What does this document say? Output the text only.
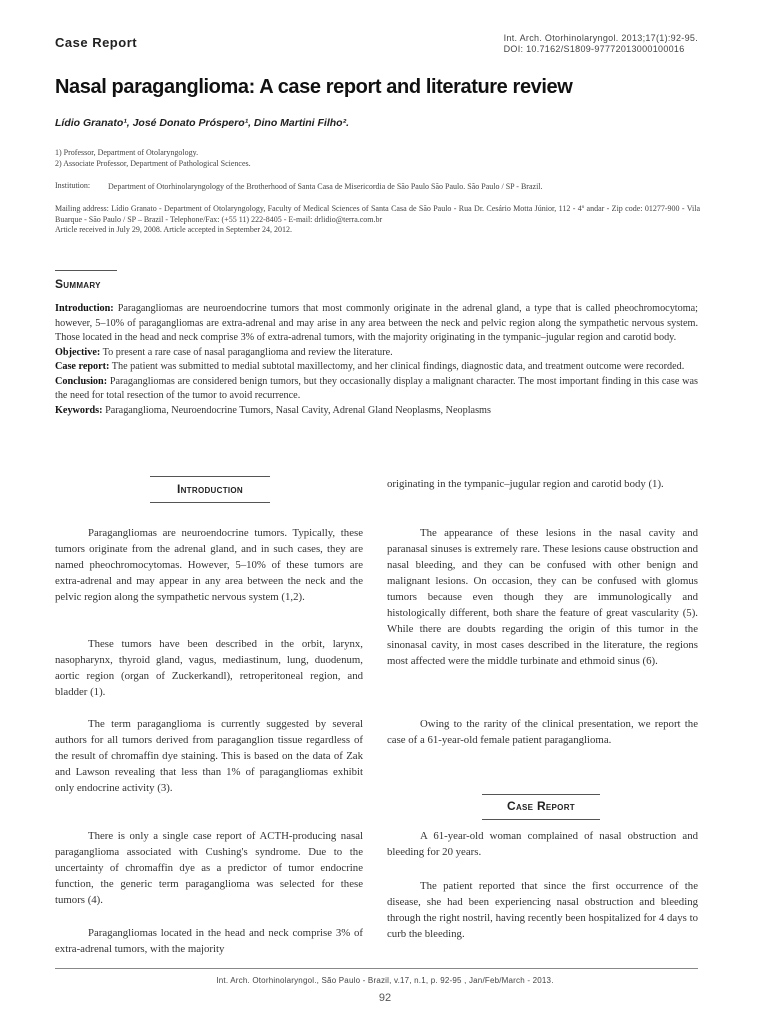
Case Report	Int. Arch. Otorhinolaryngol. 2013;17(1):92-95.
DOI: 10.7162/S1809-97772013000100016
Nasal paraganglioma: A case report and literature review
Lídio Granato¹, José Donato Próspero¹, Dino Martini Filho².
1) Professor, Department of Otolaryngology.
2) Associate Professor, Department of Pathological Sciences.
Institution: Department of Otorhinolaryngology of the Brotherhood of Santa Casa de Misericordia de São Paulo São Paulo. São Paulo / SP - Brazil.
Mailing address: Lídio Granato - Department of Otolaryngology, Faculty of Medical Sciences of Santa Casa de São Paulo - Rua Dr. Cesário Motta Júnior, 112 - 4º andar - Zip code: 01277-900 - Vila Buarque - São Paulo / SP – Brazil - Telephone/Fax: (+55 11) 222-8405 - E-mail: drlidio@terra.com.br
Article received in July 29, 2008. Article accepted in September 24, 2012.
Summary

Introduction: Paragangliomas are neuroendocrine tumors that most commonly originate in the adrenal gland, a type that is called pheochromocytoma; however, 5–10% of paragangliomas are extra-adrenal and may arise in any area between the neck and pelvic region along the sympathetic nervous system. Those located in the head and neck comprise 3% of extra-adrenal tumors, with the majority originating in the tympanic–jugular region and carotid body.

Objective: To present a rare case of nasal paraganglioma and review the literature.

Case report: The patient was submitted to medial subtotal maxillectomy, and her clinical findings, diagnostic data, and treatment outcome were recorded.

Conclusion: Paragangliomas are considered benign tumors, but they occasionally display a malignant character. The most important finding in this case was the need for total resection of the tumor to avoid recurrence.

Keywords: Paraganglioma, Neuroendocrine Tumors, Nasal Cavity, Adrenal Gland Neoplasms, Neoplasms

Introduction

Paragangliomas are neuroendocrine tumors. Typically, these tumors originate from the adrenal gland, and in such cases, they are named pheochromocytomas. However, 5–10% of these tumors are extra-adrenal and may appear in any area between the neck and the pelvic region along the sympathetic nervous system (1,2).

These tumors have been described in the orbit, larynx, nasopharynx, thyroid gland, vagus, mediastinum, lung, duodenum, aortic region (organ of Zuckerkandl), retroperitoneal region, and bladder (1).

The term paraganglioma is currently suggested by several authors for all tumors derived from paraganglion tissue regardless of the result of chromaffin dye staining. This is based on the data of Zak and Lawson revealing that less than 1% of paragangliomas exhibit only endocrine activity (3).

There is only a single case report of ACTH-producing nasal paraganglioma associated with Cushing's syndrome. Due to the uncertainty of chromaffin dye as a predictor of tumor endocrine function, the generic term paraganglioma was selected for these tumors (4).

Paragangliomas located in the head and neck comprise 3% of extra-adrenal tumors, with the majority

originating in the tympanic–jugular region and carotid body (1).

The appearance of these lesions in the nasal cavity and paranasal sinuses is extremely rare. These lesions cause obstruction and nasal bleeding, and they can be confused with other benign and malignant lesions. On occasion, they can be confused with glomus tumors because even though they are immunologically and histologically different, both share the feature of great vascularity (5). While there are doubts regarding the origin of this tumor in the sinonasal cavity, in most cases described in the literature, the regions most affected were the middle turbinate and ethmoid sinus (6).

Owing to the rarity of the clinical presentation, we report the case of a 61-year-old female patient paraganglioma.

Case Report

A 61-year-old woman complained of nasal obstruction and bleeding for 20 years.

The patient reported that since the first occurrence of the disease, she had been experiencing nasal obstruction and bleeding through the right nostril, having recently been hospitalized for 4 days to curb the bleeding.

Int. Arch. Otorhinolaryngol., São Paulo - Brazil, v.17, n.1, p. 92-95 , Jan/Feb/March - 2013.
92
